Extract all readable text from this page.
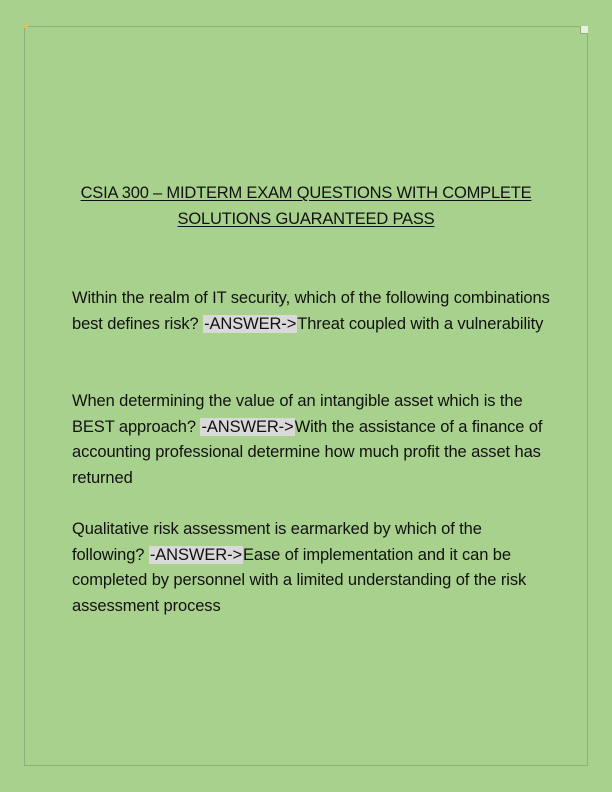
CSIA 300 – MIDTERM EXAM QUESTIONS WITH COMPLETE
SOLUTIONS GUARANTEED PASS
Within the realm of IT security, which of the following combinations best defines risk? -ANSWER->Threat coupled with a vulnerability
When determining the value of an intangible asset which is the BEST approach? -ANSWER->With the assistance of a finance of accounting professional determine how much profit the asset has returned
Qualitative risk assessment is earmarked by which of the following? -ANSWER->Ease of implementation and it can be completed by personnel with a limited understanding of the risk assessment process
